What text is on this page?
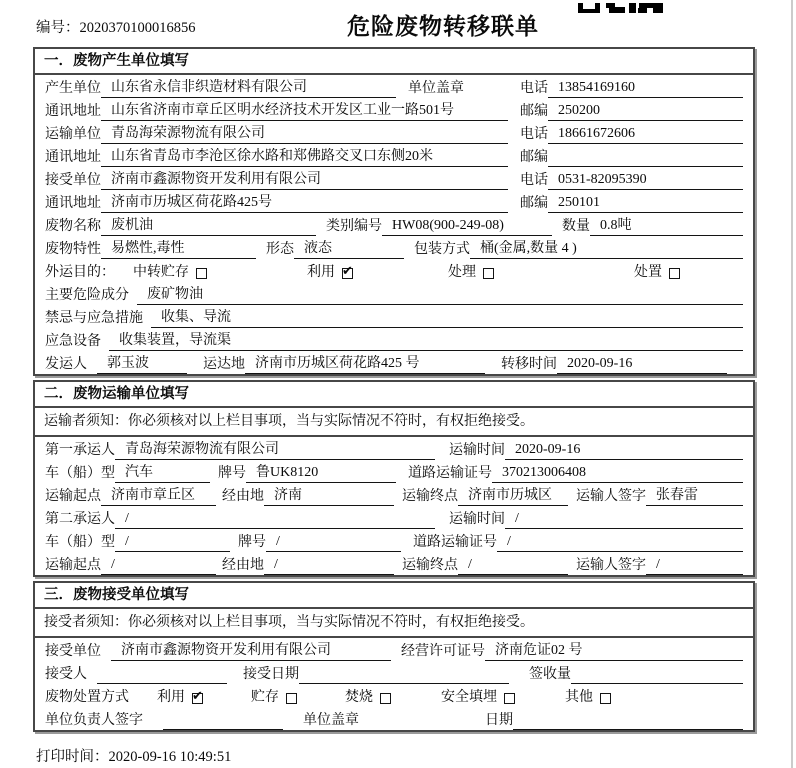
编号：2020370100016856	危险废物转移联单
一．废物产生单位填写
产生单位 山东省永信非织造材料有限公司	单位盖章	电话 13854169160
通讯地址 山东省济南市章丘区明水经济技术开发区工业一路501号	邮编 250200
运输单位 青岛海荣源物流有限公司	电话 18661672606
通讯地址 山东省青岛市李沧区徐水路和郑佛路交叉口东侧20米	邮编
接受单位 济南市鑫源物资开发利用有限公司	电话 0531-82095390
通讯地址 济南市历城区荷花路425号	邮编 250101
废物名称 废机油	类别编号 HW08(900-249-08)	数量 0.8吨
废物特性 易燃性,毒性	形态 液态	包装方式 桶(金属,数量 4 )
外运目的： 中转贮存	利用 ✔	处理	处置
主要危险成分	废矿物油
禁忌与应急措施	收集、导流
应急设备	收集装置，导流渠
发运人	郭玉波	运达地 济南市历城区荷花路425 号	转移时间 2020-09-16
二．废物运输单位填写
运输者须知：你必须核对以上栏目事项，当与实际情况不符时，有权拒绝接受。
第一承运人 青岛海荣源物流有限公司	运输时间 2020-09-16
车（船）型 汽车	牌号 鲁UK8120	道路运输证号 370213006408
运输起点 济南市章丘区	经由地 济南	运输终点 济南市历城区	运输人签字 张春雷
第二承运人 /	运输时间 /
车（船）型 /	牌号 /	道路运输证号 /
运输起点 /	经由地 /	运输终点 /	运输人签字 /
三．废物接受单位填写
接受者须知：你必须核对以上栏目事项，当与实际情况不符时，有权拒绝接受。
接受单位	济南市鑫源物资开发利用有限公司	经营许可证号 济南危证02 号
接受人	接受日期	签收量
废物处置方式 利用 ✔	贮存	焚烧	安全填埋	其他
单位负责人签字	单位盖章	日期
打印时间：2020-09-16 10:49:51
